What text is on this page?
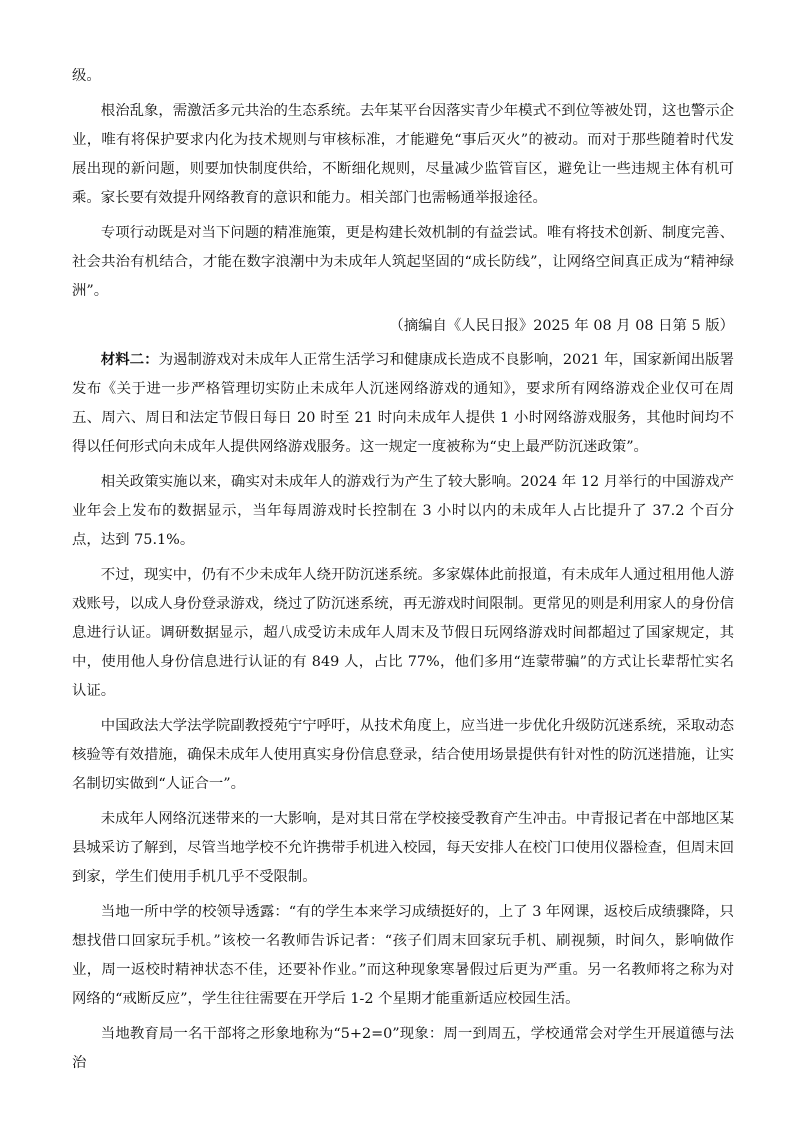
级。

根治乱象，需激活多元共治的生态系统。去年某平台因落实青少年模式不到位等被处罚，这也警示企业，唯有将保护要求内化为技术规则与审核标准，才能避免“事后灭火”的被动。而对于那些随着时代发展出现的新问题，则要加快制度供给，不断细化规则，尽量减少监管盲区，避免让一些违规主体有机可乘。家长要有效提升网络教育的意识和能力。相关部门也需畅通举报途径。

专项行动既是对当下问题的精准施策，更是构建长效机制的有益尝试。唯有将技术创新、制度完善、社会共治有机结合，才能在数字浪潮中为未成年人筑起坚固的“成长防线”，让网络空间真正成为“精神绿洲”。

（摘编自《人民日报》2025 年 08 月 08 日第 5 版）

材料二：为遏制游戏对未成年人正常生活学习和健康成长造成不良影响，2021 年，国家新闻出版署发布《关于进一步严格管理切实防止未成年人沉迷网络游戏的通知》，要求所有网络游戏企业仅可在周五、周六、周日和法定节假日每日 20 时至 21 时向未成年人提供 1 小时网络游戏服务，其他时间均不得以任何形式向未成年人提供网络游戏服务。这一规定一度被称为“史上最严防沉迷政策”。

相关政策实施以来，确实对未成年人的游戏行为产生了较大影响。2024 年 12 月举行的中国游戏产业年会上发布的数据显示，当年每周游戏时长控制在 3 小时以内的未成年人占比提升了 37.2 个百分点，达到 75.1%。

不过，现实中，仍有不少未成年人绕开防沉迷系统。多家媒体此前报道，有未成年人通过租用他人游戏账号，以成人身份登录游戏，绕过了防沉迷系统，再无游戏时间限制。更常见的则是利用家人的身份信息进行认证。调研数据显示，超八成受访未成年人周末及节假日玩网络游戏时间都超过了国家规定，其中，使用他人身份信息进行认证的有 849 人，占比 77%，他们多用“连蒙带骗”的方式让长辈帮忙实名认证。

中国政法大学法学院副教授苑宁宁呼吁，从技术角度上，应当进一步优化升级防沉迷系统，采取动态核验等有效措施，确保未成年人使用真实身份信息登录，结合使用场景提供有针对性的防沉迷措施，让实名制切实做到“人证合一”。

未成年人网络沉迷带来的一大影响，是对其日常在学校接受教育产生冲击。中青报记者在中部地区某县城采访了解到，尽管当地学校不允许携带手机进入校园，每天安排人在校门口使用仪器检查，但周末回到家，学生们使用手机几乎不受限制。

当地一所中学的校领导透露：“有的学生本来学习成绩挺好的，上了 3 年网课，返校后成绩骤降，只想找借口回家玩手机。”该校一名教师告诉记者：“孩子们周末回家玩手机、刷视频，时间久，影响做作业，周一返校时精神状态不佳，还要补作业。”而这种现象寒暑假过后更为严重。另一名教师将之称为对网络的“戒断反应”，学生往往需要在开学后 1-2 个星期才能重新适应校园生活。

当地教育局一名干部将之形象地称为“5+2=0”现象：周一到周五，学校通常会对学生开展道德与法治
